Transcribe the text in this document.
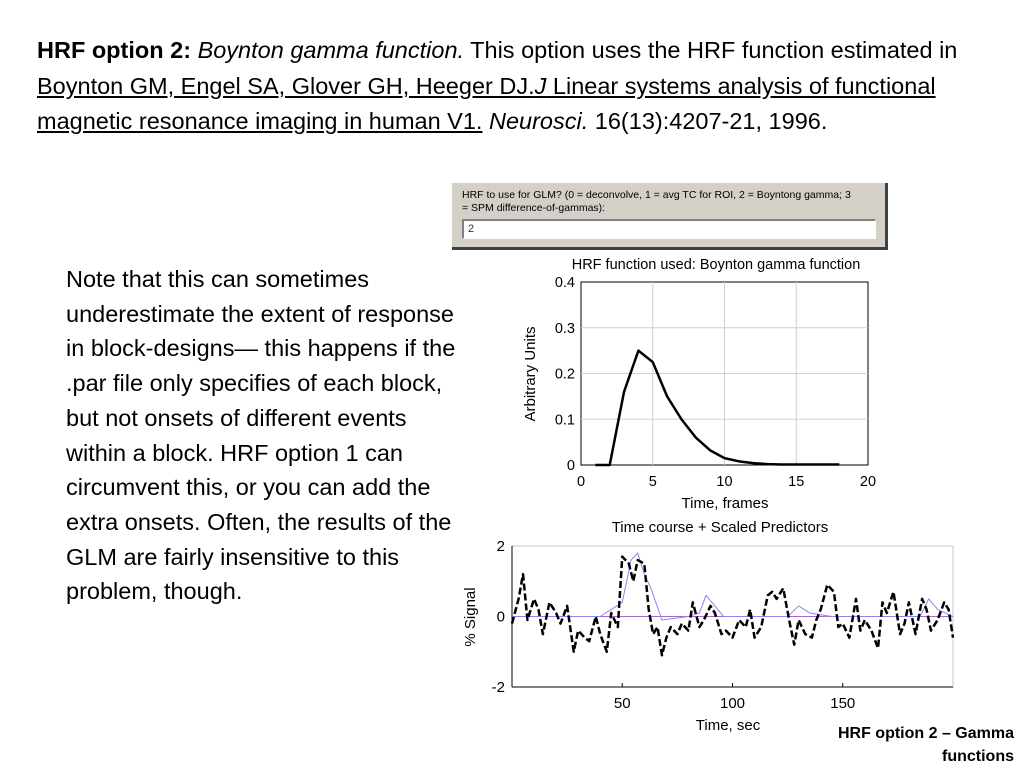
HRF option 2: Boynton gamma function. This option uses the HRF function estimated in Boynton GM, Engel SA, Glover GH, Heeger DJ.J Linear systems analysis of functional magnetic resonance imaging in human V1. Neurosci. 16(13):4207-21, 1996.

Note that this can sometimes underestimate the extent of response in block-designs— this happens if the .par file only specifies of each block, but not onsets of different events within a block. HRF option 1 can circumvent this, or you can add the extra onsets. Often, the results of the GLM are fairly insensitive to this problem, though.
HRF to use for GLM? (0 = deconvolve, 1 = avg TC for ROI, 2 = Boyntong gamma; 3
= SPM difference-of-gammas):
2
HRF function used: Boynton gamma function
Arbitrary Units
Time, frames
0	5	10	15	20
0
0.1
0.2
0.3
0.4
Time course + Scaled Predictors
% Signal
Time, sec
50	100	150
-2
0
2
HRF option 2 – Gamma functions
